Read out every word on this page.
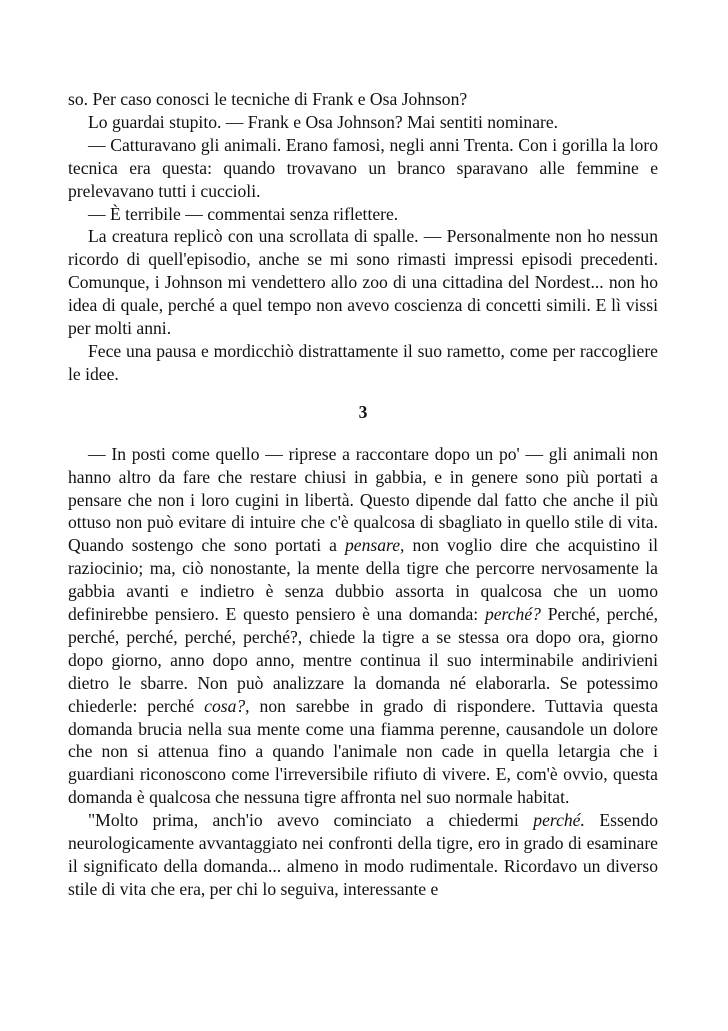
so. Per caso conosci le tecniche di Frank e Osa Johnson?

Lo guardai stupito. — Frank e Osa Johnson? Mai sentiti nominare.

— Catturavano gli animali. Erano famosi, negli anni Trenta. Con i gorilla la loro tecnica era questa: quando trovavano un branco sparavano alle femmine e prelevavano tutti i cuccioli.

— È terribile — commentai senza riflettere.

La creatura replicò con una scrollata di spalle. — Personalmente non ho nessun ricordo di quell'episodio, anche se mi sono rimasti impressi episodi precedenti. Comunque, i Johnson mi vendettero allo zoo di una cittadina del Nordest... non ho idea di quale, perché a quel tempo non avevo coscienza di concetti simili. E lì vissi per molti anni.

Fece una pausa e mordicchiò distrattamente il suo rametto, come per raccogliere le idee.

3

— In posti come quello — riprese a raccontare dopo un po' — gli animali non hanno altro da fare che restare chiusi in gabbia, e in genere sono più portati a pensare che non i loro cugini in libertà. Questo dipende dal fatto che anche il più ottuso non può evitare di intuire che c'è qualcosa di sbagliato in quello stile di vita. Quando sostengo che sono portati a pensare, non voglio dire che acquistino il raziocinio; ma, ciò nonostante, la mente della tigre che percorre nervosamente la gabbia avanti e indietro è senza dubbio assorta in qualcosa che un uomo definirebbe pensiero. E questo pensiero è una domanda: perché? Perché, perché, perché, perché, perché, perché?, chiede la tigre a se stessa ora dopo ora, giorno dopo giorno, anno dopo anno, mentre continua il suo interminabile andirivieni dietro le sbarre. Non può analizzare la domanda né elaborarla. Se potessimo chiederle: perché cosa?, non sarebbe in grado di rispondere. Tuttavia questa domanda brucia nella sua mente come una fiamma perenne, causandole un dolore che non si attenua fino a quando l'animale non cade in quella letargia che i guardiani riconoscono come l'irreversibile rifiuto di vivere. E, com'è ovvio, questa domanda è qualcosa che nessuna tigre affronta nel suo normale habitat.

"Molto prima, anch'io avevo cominciato a chiedermi perché. Essendo neurologicamente avvantaggiato nei confronti della tigre, ero in grado di esaminare il significato della domanda... almeno in modo rudimentale. Ricordavo un diverso stile di vita che era, per chi lo seguiva, interessante e
